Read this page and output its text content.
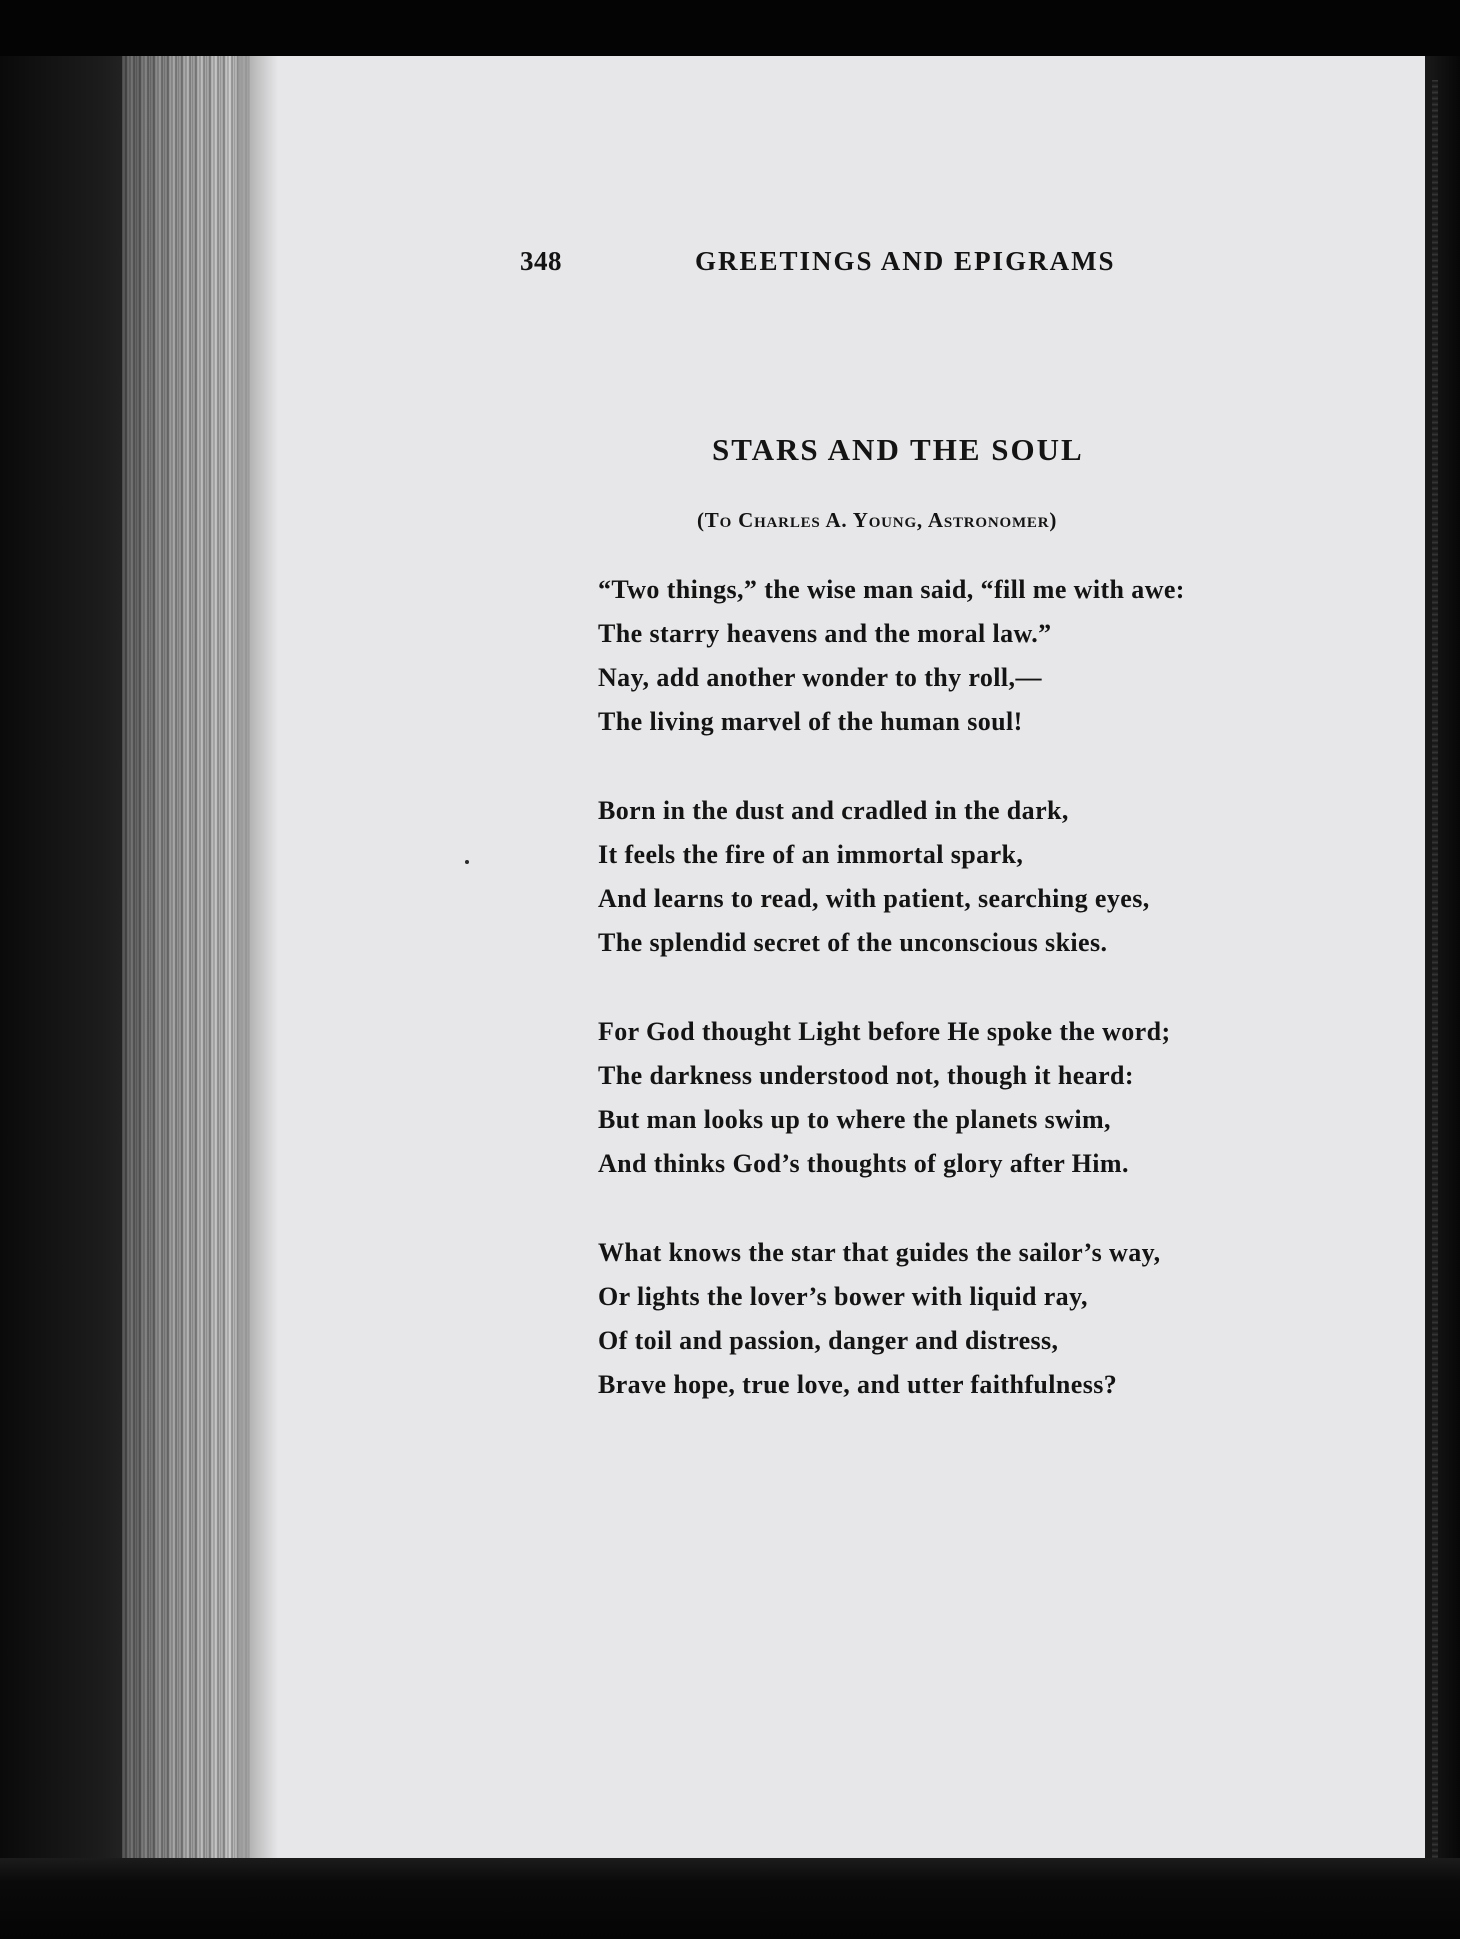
348	GREETINGS AND EPIGRAMS
STARS AND THE SOUL
(To Charles A. Young, Astronomer)
“Two things,” the wise man said, “fill me with awe:
The starry heavens and the moral law.”
Nay, add another wonder to thy roll,—
The living marvel of the human soul!
Born in the dust and cradled in the dark,
It feels the fire of an immortal spark,
And learns to read, with patient, searching eyes,
The splendid secret of the unconscious skies.
For God thought Light before He spoke the word;
The darkness understood not, though it heard:
But man looks up to where the planets swim,
And thinks God’s thoughts of glory after Him.
What knows the star that guides the sailor’s way,
Or lights the lover’s bower with liquid ray,
Of toil and passion, danger and distress,
Brave hope, true love, and utter faithfulness?
